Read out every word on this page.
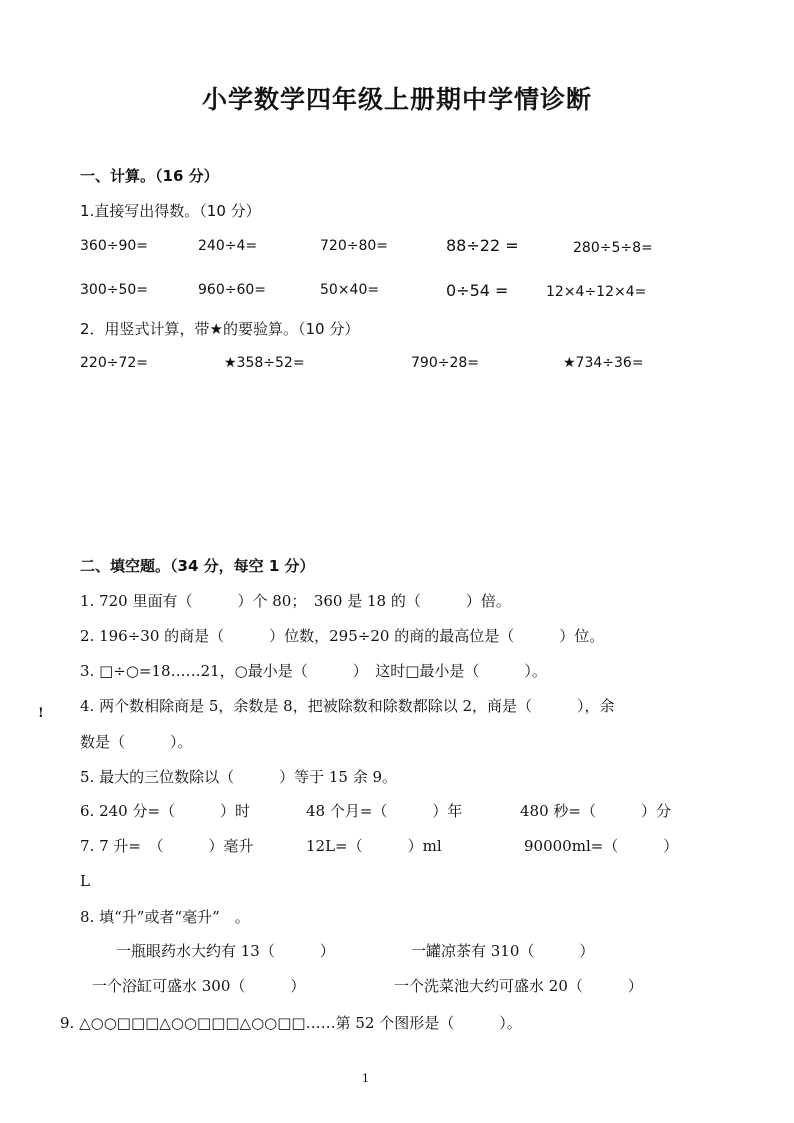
小学数学四年级上册期中学情诊断
一、计算。（16 分）
1.直接写出得数。（10 分）
360÷90=	240÷4=	720÷80=	88÷22 =	280÷5÷8=
300÷50=	960÷60=	50×40=	0÷54 =	12×4÷12×4=
2．用竖式计算，带★的要验算。（10 分）
220÷72=	★358÷52=	790÷28=	★734÷36=
二、填空题。（34 分，每空 1 分）
1. 720 里面有（　　　）个 80；　360 是 18 的（　　　）倍。
2. 196÷30 的商是（　　　）位数，295÷20 的商的最高位是（　　　）位。
3. □÷○=18……21，○最小是（　　　）　这时□最小是（　　　）。
! 4. 两个数相除商是 5，余数是 8，把被除数和除数都除以 2，商是（　　　），余
数是（　　　）。
5. 最大的三位数除以（　　　）等于 15 余 9。
6. 240 分=（　　　）时	48 个月=（　　　）年	480 秒=（　　　）分
7. 7 升=　（　　　）毫升	12L=（　　　）ml	90000ml=（　　　）
L
8. 填“升”或者“毫升”　。
一瓶眼药水大约有 13（　　　）	一罐凉茶有 310（　　　）
一个浴缸可盛水 300（　　　）	一个洗菜池大约可盛水 20（　　　）
9. △○○□□□△○○□□□△○○□□……第 52 个图形是（　　　）。
1
